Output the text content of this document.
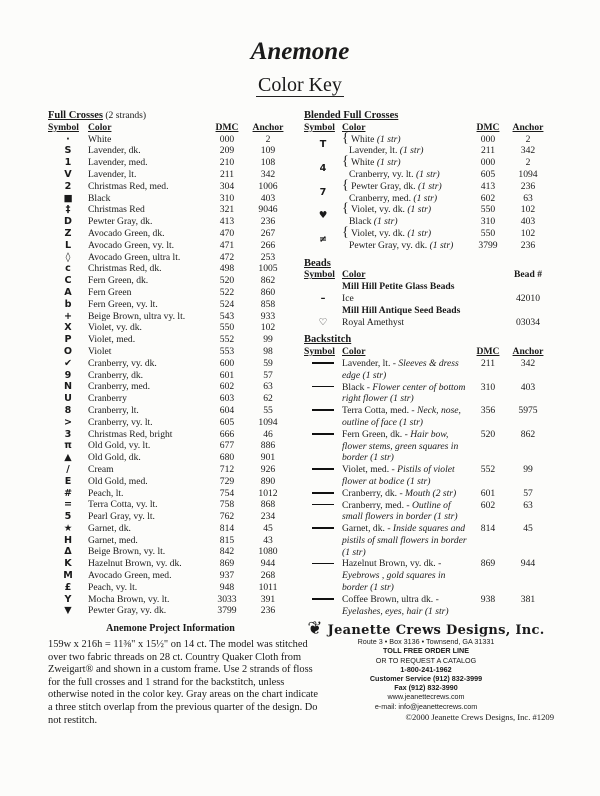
Anemone
Color Key
Full Crosses (2 strands)
Symbol	Color	DMC	Anchor
·	White	000	2
S	Lavender, dk.	209	109
1	Lavender, med.	210	108
V	Lavender, lt.	211	342
2	Christmas Red, med.	304	1006
■	Black	310	403
‡	Christmas Red	321	9046
D	Pewter Gray, dk.	413	236
Z	Avocado Green, dk.	470	267
L	Avocado Green, vy. lt.	471	266
◊	Avocado Green, ultra lt.	472	253
c	Christmas Red, dk.	498	1005
C	Fern Green, dk.	520	862
A	Fern Green	522	860
b	Fern Green, vy. lt.	524	858
+	Beige Brown, ultra vy. lt.	543	933
X	Violet, vy. dk.	550	102
P	Violet, med.	552	99
O	Violet	553	98
✔	Cranberry, vy. dk.	600	59
9	Cranberry, dk.	601	57
N	Cranberry, med.	602	63
U	Cranberry	603	62
8	Cranberry, lt.	604	55
>	Cranberry, vy. lt.	605	1094
3	Christmas Red, bright	666	46
π	Old Gold, vy. lt.	677	886
▲	Old Gold, dk.	680	901
/	Cream	712	926
E	Old Gold, med.	729	890
#	Peach, lt.	754	1012
=	Terra Cotta, vy. lt.	758	868
5	Pearl Gray, vy. lt.	762	234
★	Garnet, dk.	814	45
H	Garnet, med.	815	43
Δ	Beige Brown, vy. lt.	842	1080
K	Hazelnut Brown, vy. dk.	869	944
M	Avocado Green, med.	937	268
£	Peach, vy. lt.	948	1011
Y	Mocha Brown, vy. lt.	3033	391
▼	Pewter Gray, vy. dk.	3799	236
Anemone Project Information
159w x 216h = 11⅜" x 15½" on 14 ct. The model was stitched over two fabric threads on 28 ct. Country Quaker Cloth from Zweigart® and shown in a custom frame. Use 2 strands of floss for the full crosses and 1 strand for the backstitch, unless otherwise noted in the color key. Gray areas on the chart indicate a three stitch overlap from the previous quarter of the design. Do not restitch.
Blended Full Crosses
Symbol	Color	DMC	Anchor
T	{ White (1 str)	000	2
	Lavender, lt. (1 str)	211	342
4	{ White (1 str)	000	2
	Cranberry, vy. lt. (1 str)	605	1094
7	{ Pewter Gray, dk. (1 str)	413	236
	Cranberry, med. (1 str)	602	63
♥	{ Violet, vy. dk. (1 str)	550	102
	Black (1 str)	310	403
≠	{ Violet, vy. dk. (1 str)	550	102
	Pewter Gray, vy. dk. (1 str)	3799	236
Beads
Symbol	Color	Bead #
	Mill Hill Petite Glass Beads	
–	Ice	42010
	Mill Hill Antique Seed Beads	
♡	Royal Amethyst	03034
Backstitch
Symbol	Color	DMC	Anchor
	Lavender, lt. - Sleeves & dress edge (1 str)	211	342
	Black - Flower center of bottom right flower (1 str)	310	403
	Terra Cotta, med. - Neck, nose, outline of face (1 str)	356	5975
	Fern Green, dk. - Hair bow, flower stems, green squares in border (1 str)	520	862
	Violet, med. - Pistils of violet flower at bodice (1 str)	552	99
	Cranberry, dk. - Mouth (2 str)	601	57
	Cranberry, med. - Outline of small flowers in border (1 str)	602	63
	Garnet, dk. - Inside squares and pistils of small flowers in border (1 str)	814	45
	Hazelnut Brown, vy. dk. - Eyebrows , gold squares in border (1 str)	869	944
	Coffee Brown, ultra dk. - Eyelashes, eyes, hair (1 str)	938	381
❦ Jeanette Crews Designs, Inc.
Route 3 • Box 3136 • Townsend, GA 31331
TOLL FREE ORDER LINE
OR TO REQUEST A CATALOG
1-800-241-1962
Customer Service (912) 832-3999
Fax (912) 832-3990
www.jeanettecrews.com
e-mail: info@jeanettecrews.com
©2000 Jeanette Crews Designs, Inc. #1209
